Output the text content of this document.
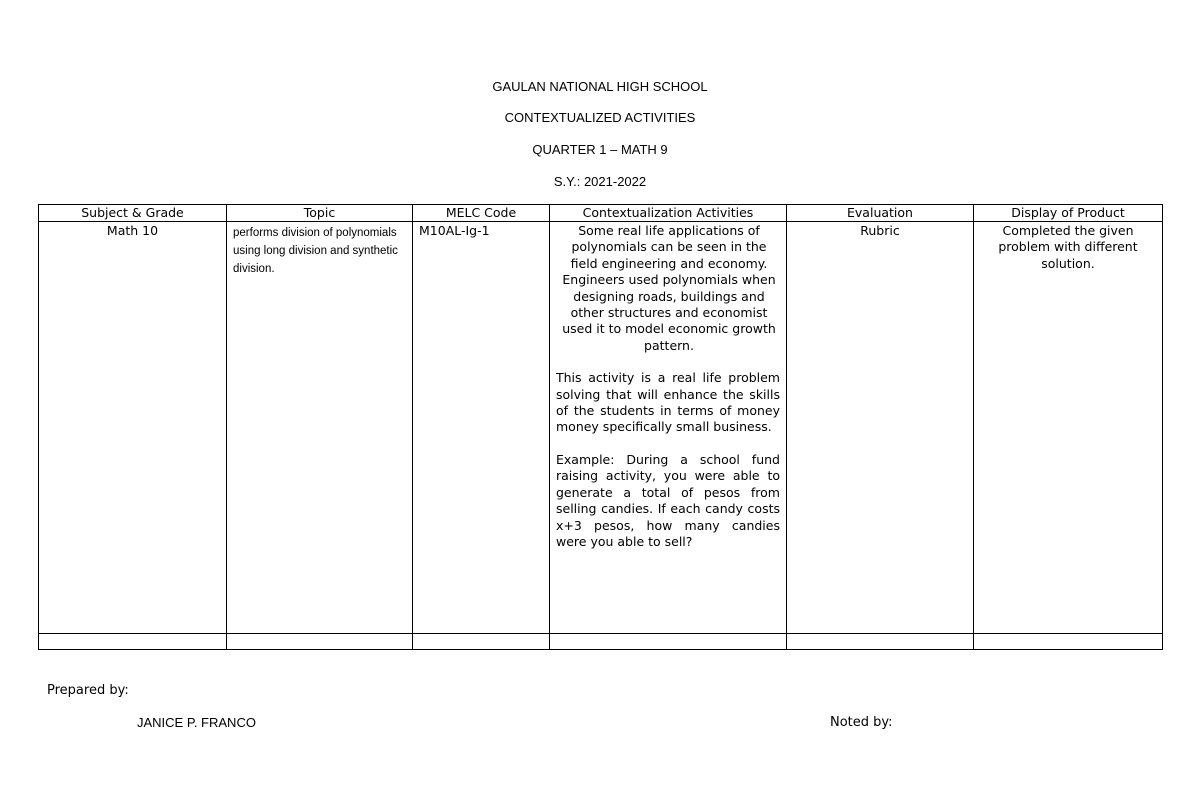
GAULAN NATIONAL HIGH SCHOOL
CONTEXTUALIZED ACTIVITIES
QUARTER 1 – MATH 9
S.Y.: 2021-2022
Subject & Grade	Topic	MELC Code	Contextualization Activities	Evaluation	Display of Product
Math 10	performs division of polynomials using long division and synthetic division.	M10AL-Ig-1	Some real life applications of polynomials can be seen in the field engineering and economy. Engineers used polynomials when designing roads, buildings and other structures and economist used it to model economic growth pattern.
This activity is a real life problem solving that will enhance the skills of the students in terms of money money specifically small business.
Example: During a school fund raising activity, you were able to generate a total of pesos from selling candies. If each candy costs x+3 pesos, how many candies were you able to sell?	Rubric	Completed the given problem with different solution.

Prepared by:
JANICE P. FRANCO	Noted by:
